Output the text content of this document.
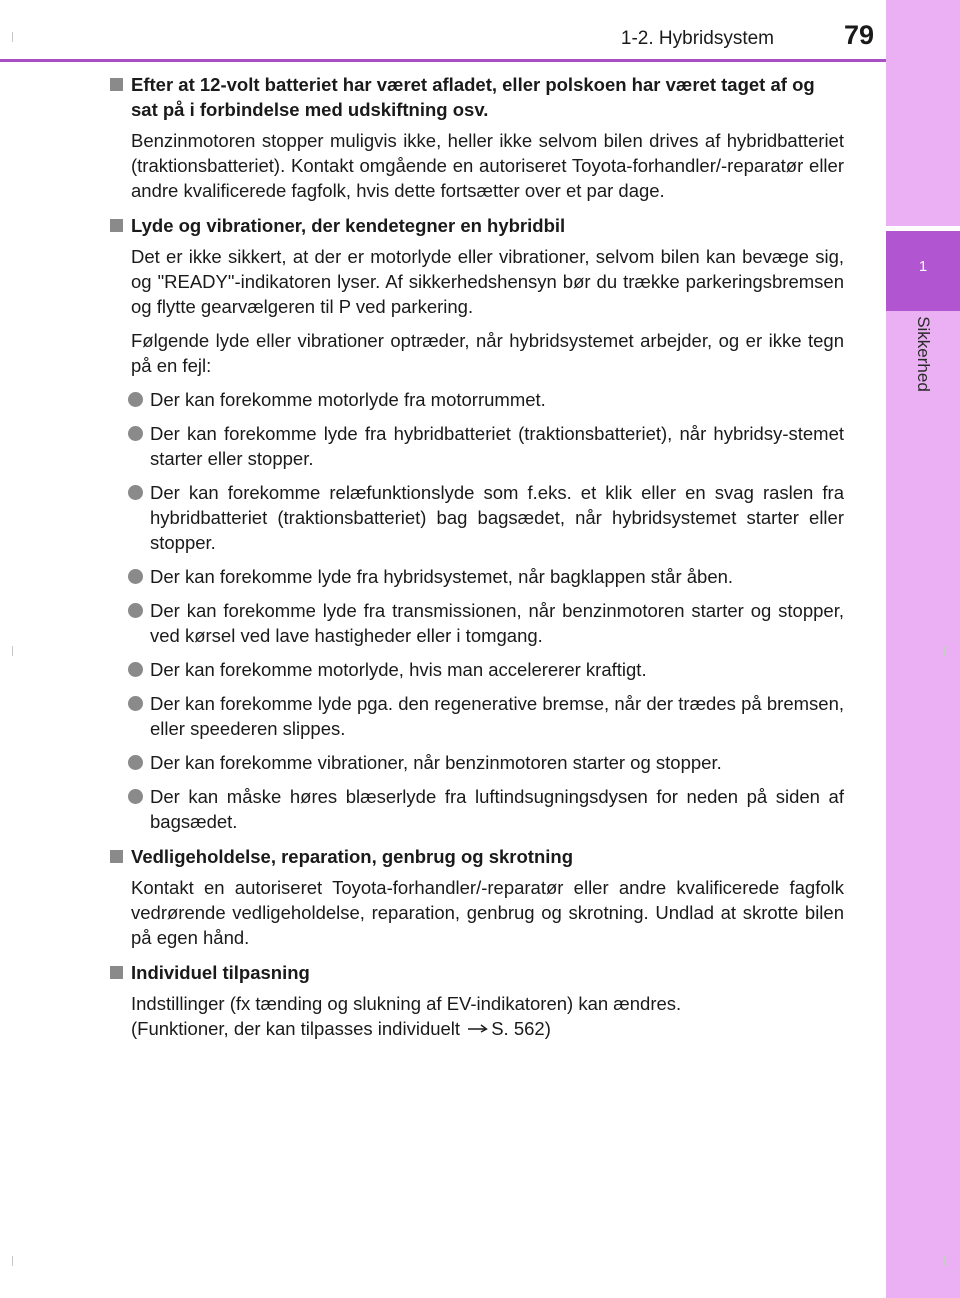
1-2. Hybridsystem	79
1
Sikkerhed
Efter at 12-volt batteriet har været afladet, eller polskoen har været taget af og sat på i forbindelse med udskiftning osv.
Benzinmotoren stopper muligvis ikke, heller ikke selvom bilen drives af hybridbatteriet (traktionsbatteriet). Kontakt omgående en autoriseret Toyota-forhandler/-reparatør eller andre kvalificerede fagfolk, hvis dette fortsætter over et par dage.
Lyde og vibrationer, der kendetegner en hybridbil
Det er ikke sikkert, at der er motorlyde eller vibrationer, selvom bilen kan bevæge sig, og "READY"-indikatoren lyser. Af sikkerhedshensyn bør du trække parkeringsbremsen og flytte gearvælgeren til P ved parkering.
Følgende lyde eller vibrationer optræder, når hybridsystemet arbejder, og er ikke tegn på en fejl:
Der kan forekomme motorlyde fra motorrummet.
Der kan forekomme lyde fra hybridbatteriet (traktionsbatteriet), når hybridsy-stemet starter eller stopper.
Der kan forekomme relæfunktionslyde som f.eks. et klik eller en svag raslen fra hybridbatteriet (traktionsbatteriet) bag bagsædet, når hybridsystemet starter eller stopper.
Der kan forekomme lyde fra hybridsystemet, når bagklappen står åben.
Der kan forekomme lyde fra transmissionen, når benzinmotoren starter og stopper, ved kørsel ved lave hastigheder eller i tomgang.
Der kan forekomme motorlyde, hvis man accelererer kraftigt.
Der kan forekomme lyde pga. den regenerative bremse, når der trædes på bremsen, eller speederen slippes.
Der kan forekomme vibrationer, når benzinmotoren starter og stopper.
Der kan måske høres blæserlyde fra luftindsugningsdysen for neden på siden af bagsædet.
Vedligeholdelse, reparation, genbrug og skrotning
Kontakt en autoriseret Toyota-forhandler/-reparatør eller andre kvalificerede fagfolk vedrørende vedligeholdelse, reparation, genbrug og skrotning. Undlad at skrotte bilen på egen hånd.
Individuel tilpasning
Indstillinger (fx tænding og slukning af EV-indikatoren) kan ændres.
(Funktioner, der kan tilpasses individuelt S. 562)
